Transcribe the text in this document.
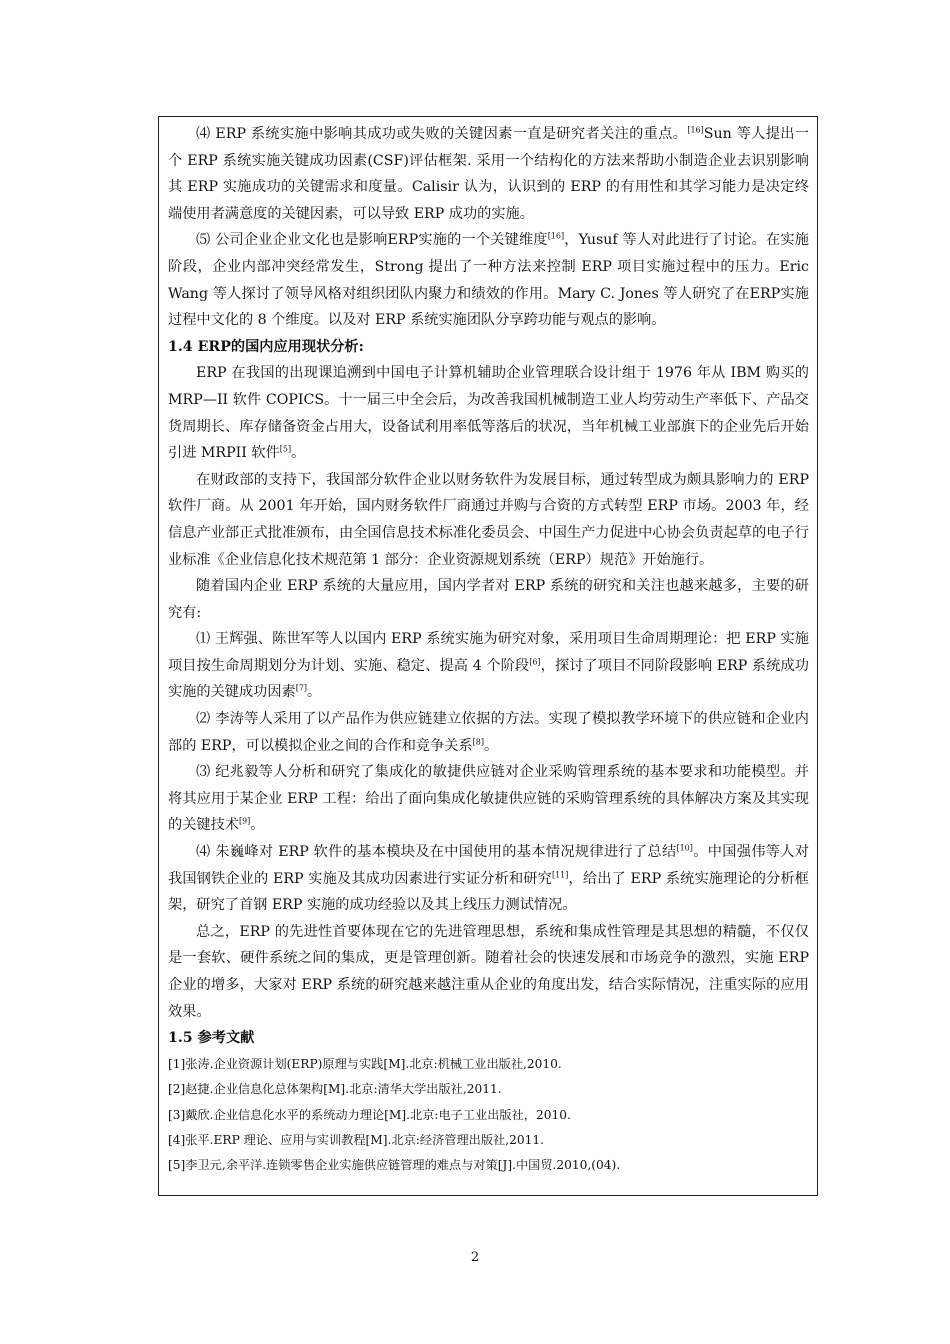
⑷ ERP 系统实施中影响其成功或失败的关键因素一直是研究者关注的重点。[16]Sun 等人提出一个 ERP 系统实施关键成功因素(CSF)评估框架. 采用一个结构化的方法来帮助小制造企业去识别影响其 ERP 实施成功的关键需求和度量。Calisir 认为，认识到的 ERP 的有用性和其学习能力是决定终端使用者满意度的关键因素，可以导致 ERP 成功的实施。

⑸ 公司企业企业文化也是影响ERP实施的一个关键维度[16]，Yusuf 等人对此进行了讨论。在实施阶段，企业内部冲突经常发生，Strong 提出了一种方法来控制 ERP 项目实施过程中的压力。Eric Wang 等人探讨了领导风格对组织团队内聚力和绩效的作用。Mary C. Jones 等人研究了在ERP实施过程中文化的 8 个维度。以及对 ERP 系统实施团队分享跨功能与观点的影响。

1.4 ERP的国内应用现状分析:

ERP 在我国的出现课追溯到中国电子计算机辅助企业管理联合设计组于 1976 年从 IBM 购买的 MRP—II 软件 COPICS。十一届三中全会后，为改善我国机械制造工业人均劳动生产率低下、产品交货周期长、库存储备资金占用大，设备试利用率低等落后的状况，当年机械工业部旗下的企业先后开始引进 MRPII 软件[5]。

在财政部的支持下，我国部分软件企业以财务软件为发展目标，通过转型成为颇具影响力的 ERP 软件厂商。从 2001 年开始，国内财务软件厂商通过并购与合资的方式转型 ERP 市场。2003 年，经信息产业部正式批准颁布，由全国信息技术标准化委员会、中国生产力促进中心协会负责起草的电子行业标准《企业信息化技术规范第 1 部分：企业资源规划系统（ERP）规范》开始施行。

随着国内企业 ERP 系统的大量应用，国内学者对 ERP 系统的研究和关注也越来越多，主要的研究有:

⑴ 王辉强、陈世军等人以国内 ERP 系统实施为研究对象，采用项目生命周期理论：把 ERP 实施项目按生命周期划分为计划、实施、稳定、提高 4 个阶段[6]，探讨了项目不同阶段影响 ERP 系统成功实施的关键成功因素[7]。

⑵ 李涛等人采用了以产品作为供应链建立依据的方法。实现了模拟教学环境下的供应链和企业内部的 ERP，可以模拟企业之间的合作和竞争关系[8]。

⑶ 纪兆毅等人分析和研究了集成化的敏捷供应链对企业采购管理系统的基本要求和功能模型。并将其应用于某企业 ERP 工程：给出了面向集成化敏捷供应链的采购管理系统的具体解决方案及其实现的关键技术[9]。

⑷ 朱巍峰对 ERP 软件的基本模块及在中国使用的基本情况规律进行了总结[10]。中国强伟等人对我国钢铁企业的 ERP 实施及其成功因素进行实证分析和研究[11]，给出了 ERP 系统实施理论的分析框架，研究了首钢 ERP 实施的成功经验以及其上线压力测试情况。

总之，ERP 的先进性首要体现在它的先进管理思想，系统和集成性管理是其思想的精髓，不仅仅是一套软、硬件系统之间的集成，更是管理创新。随着社会的快速发展和市场竞争的激烈，实施 ERP 企业的增多，大家对 ERP 系统的研究越来越注重从企业的角度出发，结合实际情况，注重实际的应用效果。

1.5 参考文献

[1]张涛.企业资源计划(ERP)原理与实践[M].北京:机械工业出版社,2010.

[2]赵捷.企业信息化总体架构[M].北京:清华大学出版社,2011.

[3]戴欣.企业信息化水平的系统动力理论[M].北京:电子工业出版社，2010.

[4]张平.ERP 理论、应用与实训教程[M].北京:经济管理出版社,2011.

[5]李卫元,余平洋.连锁零售企业实施供应链管理的难点与对策[J].中国贸.2010,(04).

2
